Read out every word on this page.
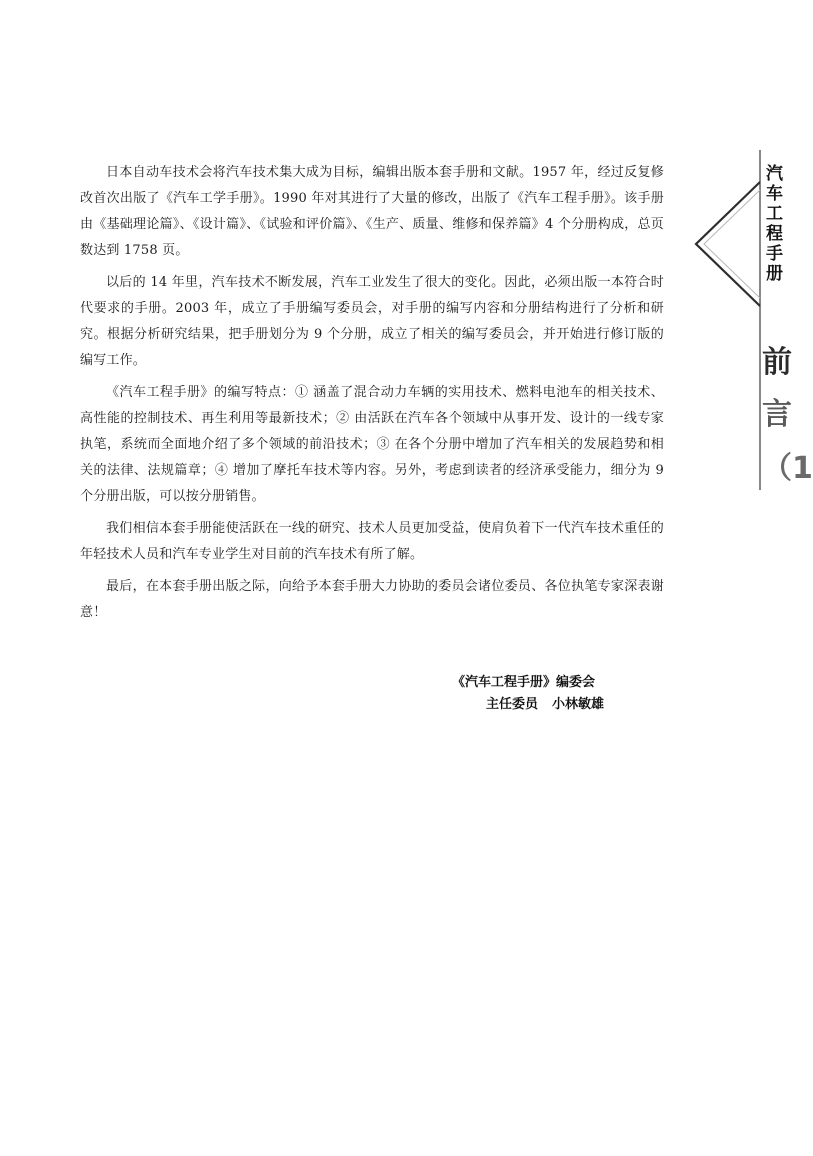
日本自动车技术会将汽车技术集大成为目标，编辑出版本套手册和文献。1957 年，经过反复修改首次出版了《汽车工学手册》。1990 年对其进行了大量的修改，出版了《汽车工程手册》。该手册由《基础理论篇》、《设计篇》、《试验和评价篇》、《生产、质量、维修和保养篇》4 个分册构成，总页数达到 1758 页。

以后的 14 年里，汽车技术不断发展，汽车工业发生了很大的变化。因此，必须出版一本符合时代要求的手册。2003 年，成立了手册编写委员会，对手册的编写内容和分册结构进行了分析和研究。根据分析研究结果，把手册划分为 9 个分册，成立了相关的编写委员会，并开始进行修订版的编写工作。

《汽车工程手册》的编写特点：① 涵盖了混合动力车辆的实用技术、燃料电池车的相关技术、高性能的控制技术、再生利用等最新技术；② 由活跃在汽车各个领域中从事开发、设计的一线专家执笔，系统而全面地介绍了多个领域的前沿技术；③ 在各个分册中增加了汽车相关的发展趋势和相关的法律、法规篇章；④ 增加了摩托车技术等内容。另外，考虑到读者的经济承受能力，细分为 9 个分册出版，可以按分册销售。

我们相信本套手册能使活跃在一线的研究、技术人员更加受益，使肩负着下一代汽车技术重任的年轻技术人员和汽车专业学生对目前的汽车技术有所了解。

最后，在本套手册出版之际，向给予本套手册大力协助的委员会诸位委员、各位执笔专家深表谢意！

《汽车工程手册》编委会
主任委员 小林敏雄
汽
车
工
程
手
册
前
言
（1
